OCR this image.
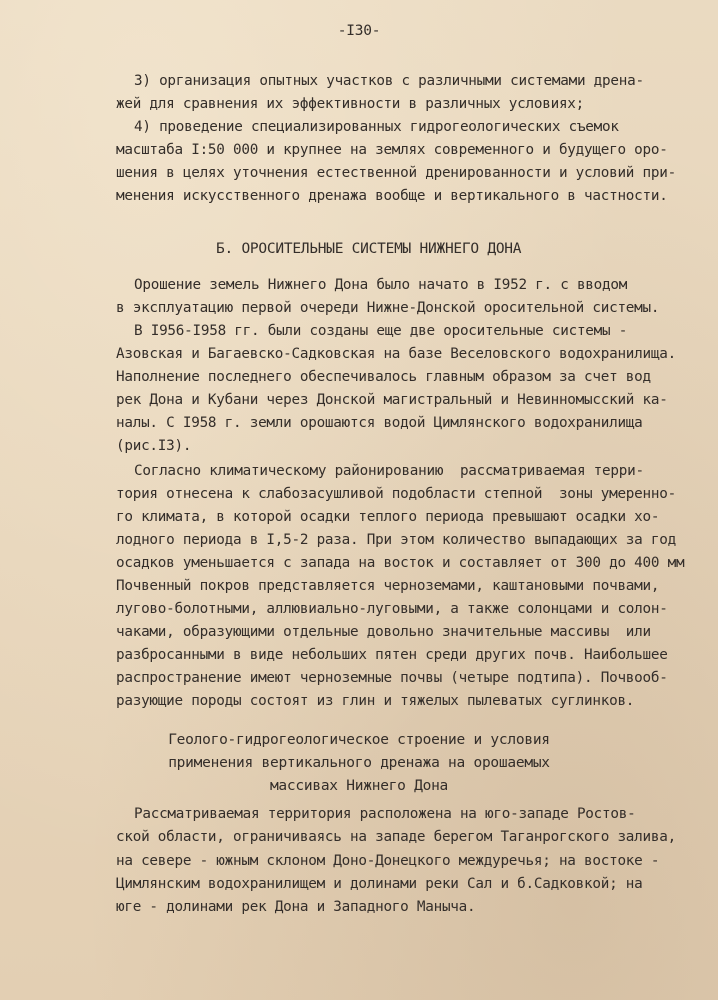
-I30-
3) организация опытных участков с различными системами дрена-
жей для сравнения их эффективности в различных условиях;
4) проведение специализированных гидрогеологических съемок
масштаба I:50 000 и крупнее на землях современного и будущего оро-
шения в целях уточнения естественной дренированности и условий при-
менения искусственного дренажа вообще и вертикального в частности.
Б. ОРОСИТЕЛЬНЫЕ СИСТЕМЫ НИЖНЕГО ДОНА
Орошение земель Нижнего Дона было начато в I952 г. с вводом
в эксплуатацию первой очереди Нижне-Донской оросительной системы.
В I956-I958 гг. были созданы еще две оросительные системы -
Азовская и Багаевско-Садковская на базе Веселовского водохранилища.
Наполнение последнего обеспечивалось главным образом за счет вод
рек Дона и Кубани через Донской магистральный и Невинномысский ка-
налы. С I958 г. земли орошаются водой Цимлянского водохранилища
(рис.I3).
Согласно климатическому районированию  рассматриваемая терри-
тория отнесена к слабозасушливой подобласти степной  зоны умеренно-
го климата, в которой осадки теплого периода превышают осадки хо-
лодного периода в I,5-2 раза. При этом количество выпадающих за год
осадков уменьшается с запада на восток и составляет от 300 до 400 мм
Почвенный покров представляется черноземами, каштановыми почвами,
лугово-болотными, аллювиально-луговыми, а также солонцами и солон-
чаками, образующими отдельные довольно значительные массивы  или
разбросанными в виде небольших пятен среди других почв. Наибольшее
распространение имеют черноземные почвы (четыре подтипа). Почвооб-
разующие породы состоят из глин и тяжелых пылеватых суглинков.
Геолого-гидрогеологическое строение и условия
применения вертикального дренажа на орошаемых
массивах Нижнего Дона
Рассматриваемая территория расположена на юго-западе Ростов-
ской области, ограничиваясь на западе берегом Таганрогского залива,
на севере - южным склоном Доно-Донецкого междуречья; на востоке -
Цимлянским водохранилищем и долинами реки Сал и б.Садковкой; на
юге - долинами рек Дона и Западного Маныча.
